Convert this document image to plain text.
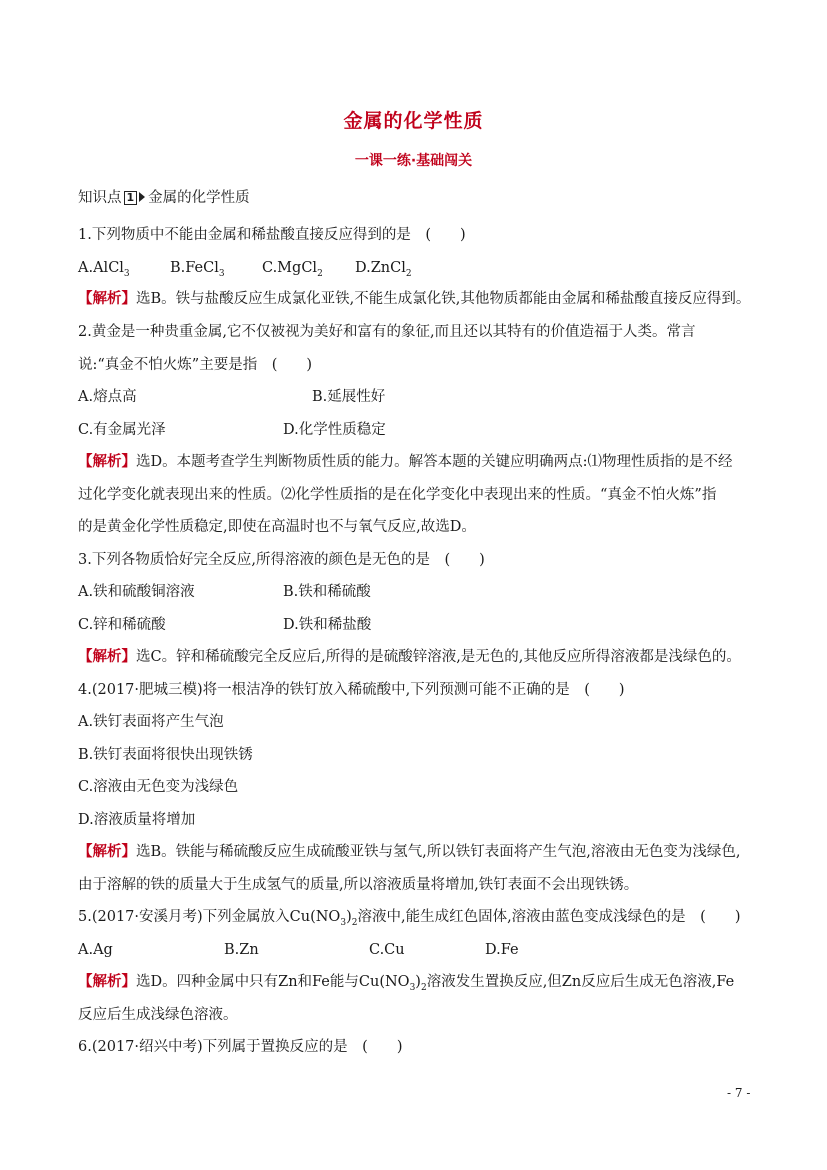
金属的化学性质
一课一练·基础闯关
知识点 1 金属的化学性质
1.下列物质中不能由金属和稀盐酸直接反应得到的是　(　　)
A.AlCl$_3$	B.FeCl$_3$	C.MgCl$_2$ D.ZnCl$_2$
【解析】选B。铁与盐酸反应生成氯化亚铁,不能生成氯化铁,其他物质都能由金属和稀盐酸直接反应得到。
2.黄金是一种贵重金属,它不仅被视为美好和富有的象征,而且还以其特有的价值造福于人类。常言
说:“真金不怕火炼”主要是指　(　　)
A.熔点高	B.延展性好
C.有金属光泽	D.化学性质稳定
【解析】选D。本题考查学生判断物质性质的能力。解答本题的关键应明确两点:⑴物理性质指的是不经
过化学变化就表现出来的性质。⑵化学性质指的是在化学变化中表现出来的性质。“真金不怕火炼”指
的是黄金化学性质稳定,即使在高温时也不与氧气反应,故选D。
3.下列各物质恰好完全反应,所得溶液的颜色是无色的是　(　　)
A.铁和硫酸铜溶液	B.铁和稀硫酸
C.锌和稀硫酸	D.铁和稀盐酸
【解析】选C。锌和稀硫酸完全反应后,所得的是硫酸锌溶液,是无色的,其他反应所得溶液都是浅绿色的。
4.(2017·肥城三模)将一根洁净的铁钉放入稀硫酸中,下列预测可能不正确的是　(　　)
A.铁钉表面将产生气泡
B.铁钉表面将很快出现铁锈
C.溶液由无色变为浅绿色
D.溶液质量将增加
【解析】选B。铁能与稀硫酸反应生成硫酸亚铁与氢气,所以铁钉表面将产生气泡,溶液由无色变为浅绿色,
由于溶解的铁的质量大于生成氢气的质量,所以溶液质量将增加,铁钉表面不会出现铁锈。
5.(2017·安溪月考)下列金属放入$Cu(NO_3)_2$溶液中,能生成红色固体,溶液由蓝色变成浅绿色的是　(　　)
A.Ag	B.Zn	C.Cu	D.Fe
【解析】选D。四种金属中只有Zn和Fe能与$Cu(NO_3)_2$溶液发生置换反应,但Zn反应后生成无色溶液,Fe
反应后生成浅绿色溶液。
6.(2017·绍兴中考)下列属于置换反应的是　(　　)
- 7 -
